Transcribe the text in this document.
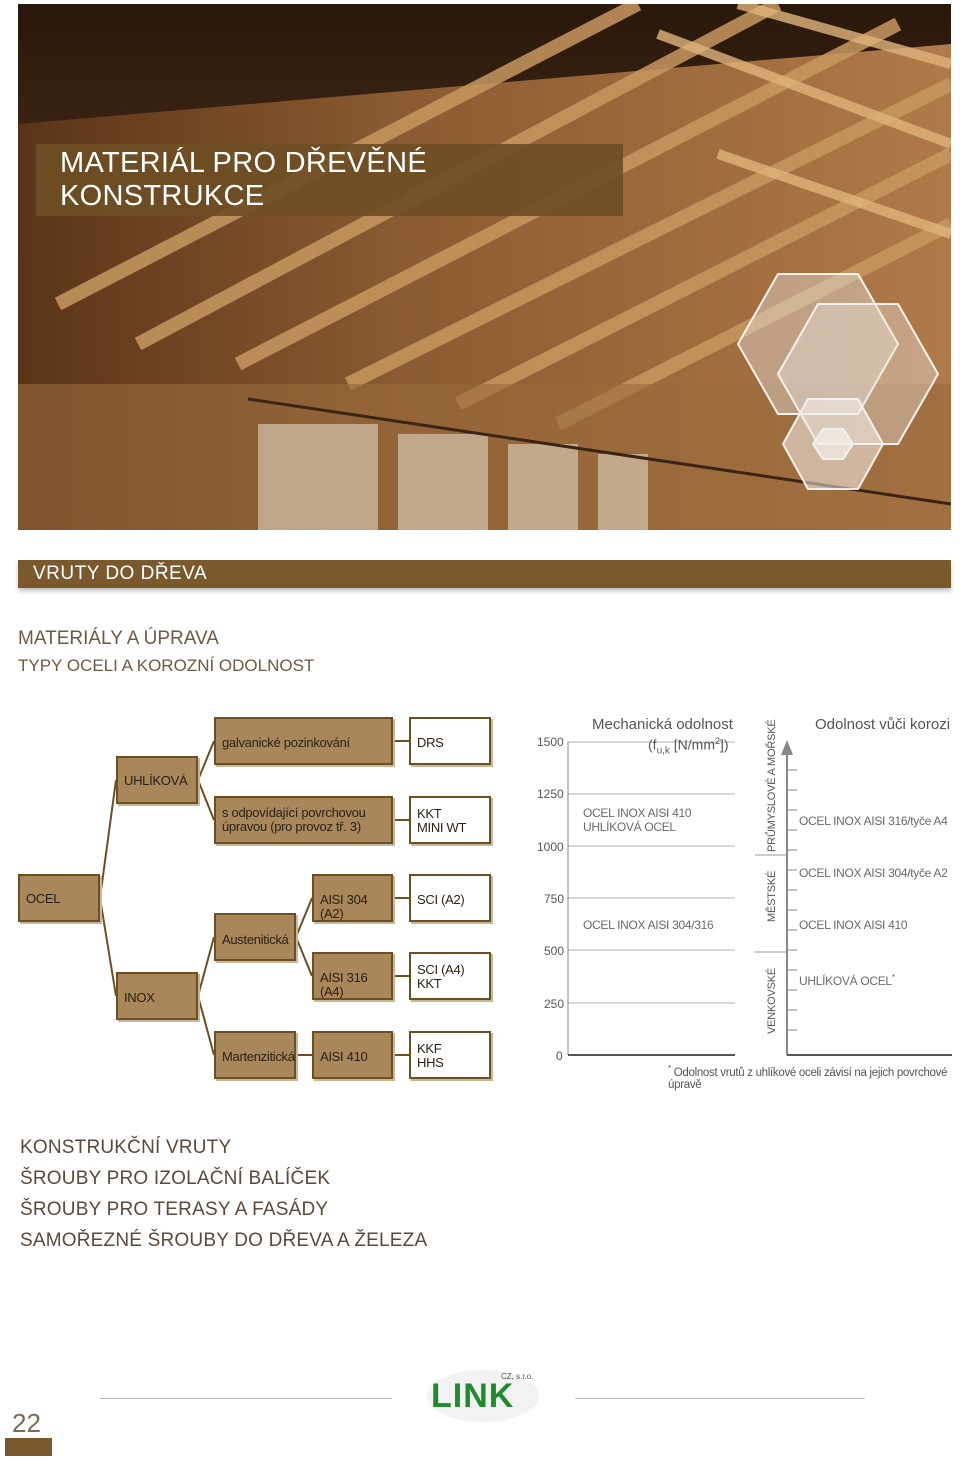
MATERIÁL PRO DŘEVĚNÉ KONSTRUKCE
VRUTY DO DŘEVA
MATERIÁLY A ÚPRAVA
TYPY OCELI A KOROZNÍ ODOLNOST
OCEL
UHLÍKOVÁ
INOX
galvanické pozinkování
s odpovídající povrchovou
úpravou (pro provoz tř. 3)
Austenitická
Martenzitická
AISI 304 (A2)
AISI 316 (A4)
AISI 410
DRS
KKT
MINI WT
SCI (A2)
SCI (A4)
KKT
KKF
HHS
1500
1250
1000
750
500
250
0
Mechanická odolnost
($f_{u,k}$ $[N/mm^2]$)
OCEL INOX AISI 410
UHLÍKOVÁ OCEL
OCEL INOX AISI 304/316
Odolnost vůči korozi
PRŮMYSLOVÉ A MOŘSKÉ
MĚSTSKÉ
VENKOVSKÉ
OCEL INOX AISI 316/tyče A4
OCEL INOX AISI 304/tyče A2
OCEL INOX AISI 410
UHLÍKOVÁ OCEL*
* Odolnost vrutů z uhlíkové oceli závisí na jejich povrchové úpravě
KONSTRUKČNÍ VRUTY
ŠROUBY PRO IZOLAČNÍ BALÍČEK
ŠROUBY PRO TERASY A FASÁDY
SAMOŘEZNÉ ŠROUBY DO DŘEVA A ŽELEZA
LINK
CZ, s.r.o.
22
